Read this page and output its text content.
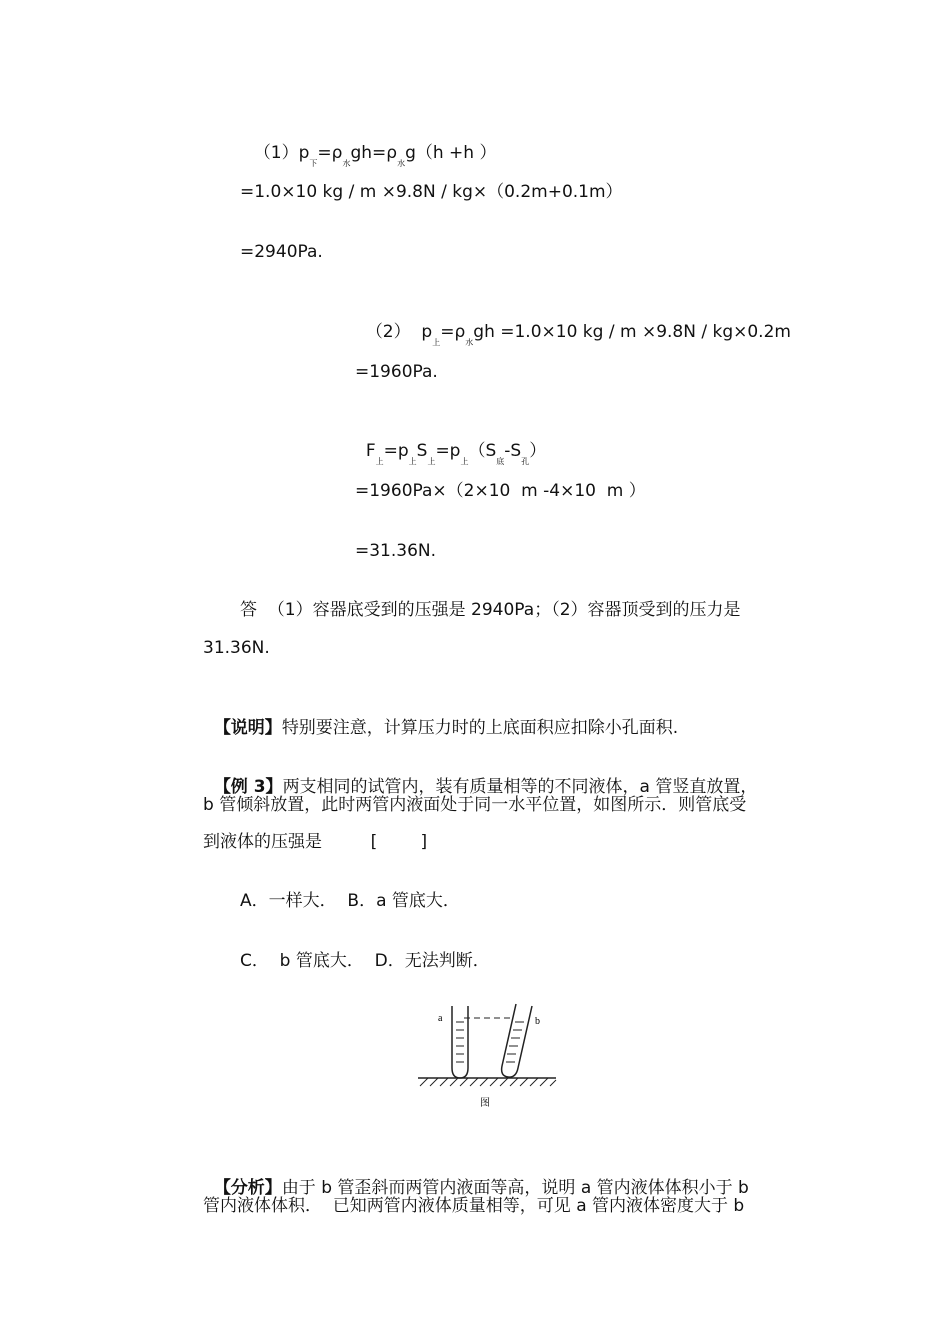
$(1)p_下=\rho_水gh=\rho_水g(h +h$ ）

=1.0×10 kg / m ×9.8N / kg×（0.2m+0.1m）
=2940Pa.

（2）  $p_上=\rho_水gh =1.0\times 10$ kg / m ×9.8N / kg×0.2m

=1960Pa.

$F_上=p_上S_上=p_上(S_底-S_孔)$

=1960Pa×（2×10  m -4×10  m ）
=31.36N.
答  （1）容器底受到的压强是 2940Pa；（2）容器顶受到的压力是
31.36N.

【说明】特别要注意，计算压力时的上底面积应扣除小孔面积.

【例 3】两支相同的试管内，装有质量相等的不同液体，a 管竖直放置，

b 管倾斜放置，此时两管内液面处于同一水平位置，如图所示．则管底受
到液体的压强是         [        ]
A．一样大．  B．a 管底大．
C．  b 管底大．  D．无法判断．
a	b
图

【分析】由于 b 管歪斜而两管内液面等高，说明 a 管内液体体积小于 b

管内液体体积．  已知两管内液体质量相等，可见 a 管内液体密度大于 b
